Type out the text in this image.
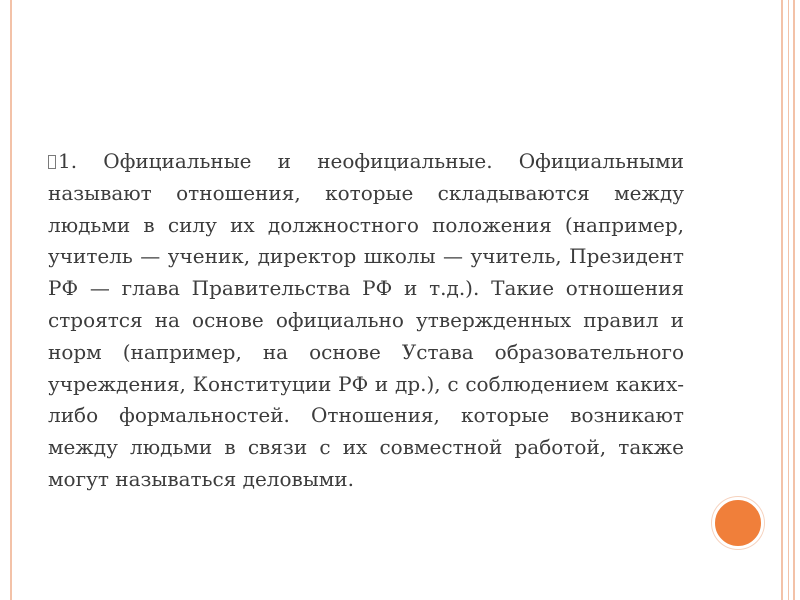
1. Официальные и неофициальные. Официальными называют отношения, которые складываются между людьми в силу их должностного положения (например, учитель — ученик, директор школы — учитель, Президент РФ — глава Правительства РФ и т.д.). Такие отношения строятся на основе официально утвержденных правил и норм (например, на основе Устава образовательного учреждения, Конституции РФ и др.), с соблюдением каких-либо формальностей. Отношения, которые возникают между людьми в связи с их совместной работой, также могут называться деловыми.
